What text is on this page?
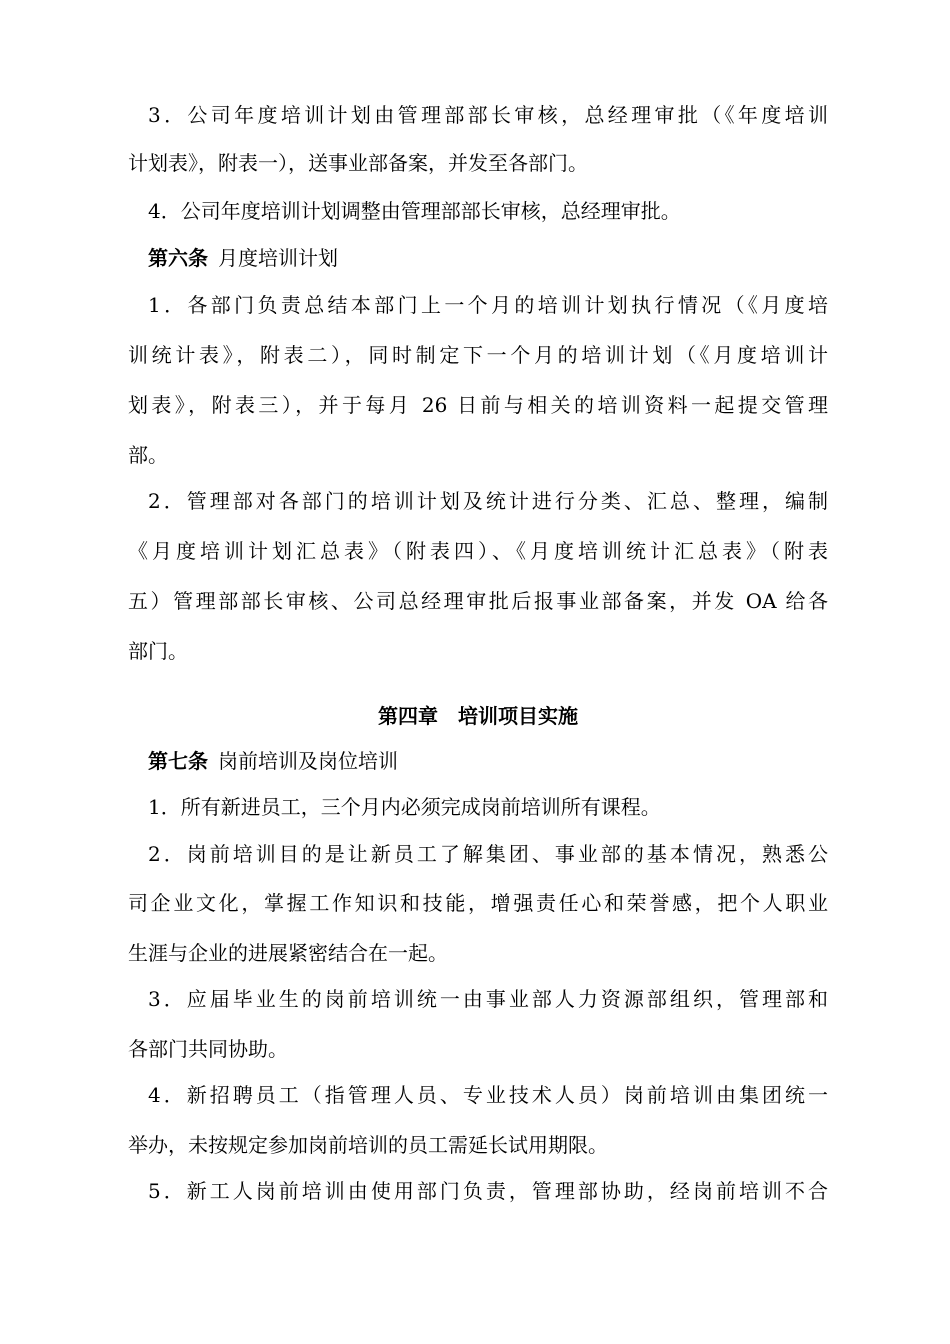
3．公司年度培训计划由管理部部长审核，总经理审批（《年度培训
计划表》，附表一），送事业部备案，并发至各部门。
4．公司年度培训计划调整由管理部部长审核，总经理审批。
第六条 月度培训计划
1．各部门负责总结本部门上一个月的培训计划执行情况（《月度培
训统计表》，附表二），同时制定下一个月的培训计划（《月度培训计
划表》，附表三），并于每月 26 日前与相关的培训资料一起提交管理
部。
2．管理部对各部门的培训计划及统计进行分类、汇总、整理，编制
《月度培训计划汇总表》（附表四）、《月度培训统计汇总表》（附表
五）管理部部长审核、公司总经理审批后报事业部备案，并发 OA 给各
部门。
第四章　培训项目实施
第七条 岗前培训及岗位培训
1．所有新进员工，三个月内必须完成岗前培训所有课程。
2．岗前培训目的是让新员工了解集团、事业部的基本情况，熟悉公
司企业文化，掌握工作知识和技能，增强责任心和荣誉感，把个人职业
生涯与企业的进展紧密结合在一起。
3．应届毕业生的岗前培训统一由事业部人力资源部组织，管理部和
各部门共同协助。
4．新招聘员工（指管理人员、专业技术人员）岗前培训由集团统一
举办，未按规定参加岗前培训的员工需延长试用期限。
5．新工人岗前培训由使用部门负责，管理部协助，经岗前培训不合
